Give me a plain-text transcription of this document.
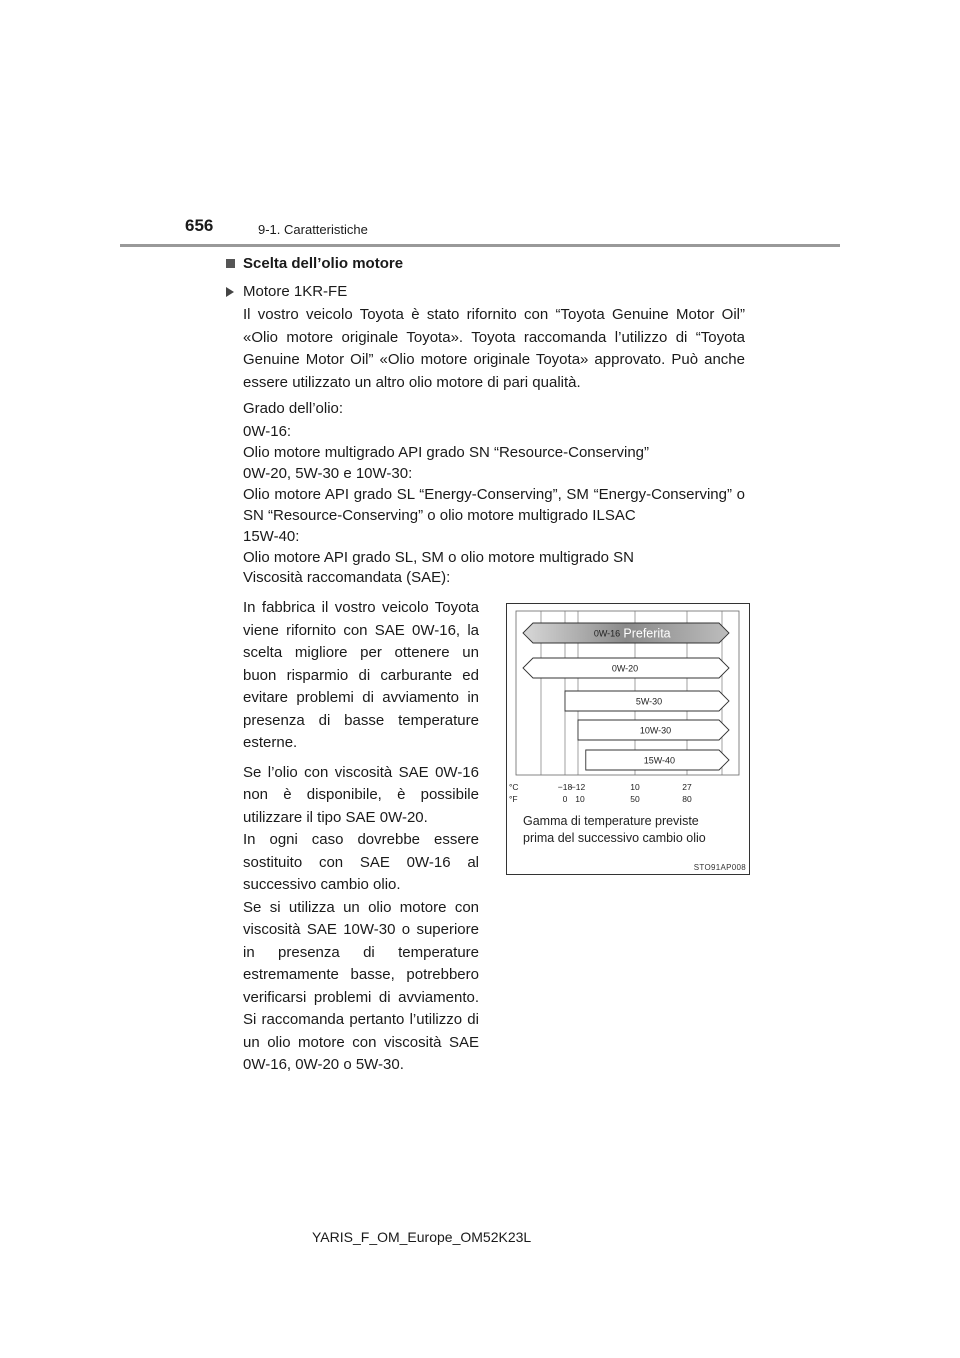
656	9-1. Caratteristiche
Scelta dell’olio motore
Motore 1KR-FE

Il vostro veicolo Toyota è stato rifornito con “Toyota Genuine Motor Oil” «Olio motore originale Toyota». Toyota raccomanda l’utilizzo di “Toyota Genuine Motor Oil” «Olio motore originale Toyota» approvato. Può anche essere utilizzato un altro olio motore di pari qualità.

Grado dell’olio:

0W-16:
Olio motore multigrado API grado SN “Resource-Conserving”
0W-20, 5W-30 e 10W-30:
Olio motore API grado SL “Energy-Conserving”, SM “Energy-Conserving” o SN “Resource-Conserving” o olio motore multigrado ILSAC
15W-40:
Olio motore API grado SL, SM o olio motore multigrado SN

Viscosità raccomandata (SAE):

In fabbrica il vostro veicolo Toyota viene rifornito con SAE 0W-16, la scelta migliore per ottenere un buon risparmio di carburante ed evitare problemi di avviamento in presenza di basse temperature esterne.

Se l’olio con viscosità SAE 0W-16 non è disponibile, è possibile utilizzare il tipo SAE 0W-20.

In ogni caso dovrebbe essere sostituito con SAE 0W-16 al successivo cambio olio.

Se si utilizza un olio motore con viscosità SAE 10W-30 o superiore in presenza di temperature estremamente basse, potrebbero verificarsi problemi di avviamento. Si raccomanda pertanto l’utilizzo di un olio motore con viscosità SAE 0W-16, 0W-20 o 5W-30.

0W-16 Preferita
0W-20
5W-30
10W-30
15W-40
°C
°F
−18
−12	10	27
0 10	50	80
Gamma di temperature previste
prima del successivo cambio olio
STO91AP008
YARIS_F_OM_Europe_OM52K23L
